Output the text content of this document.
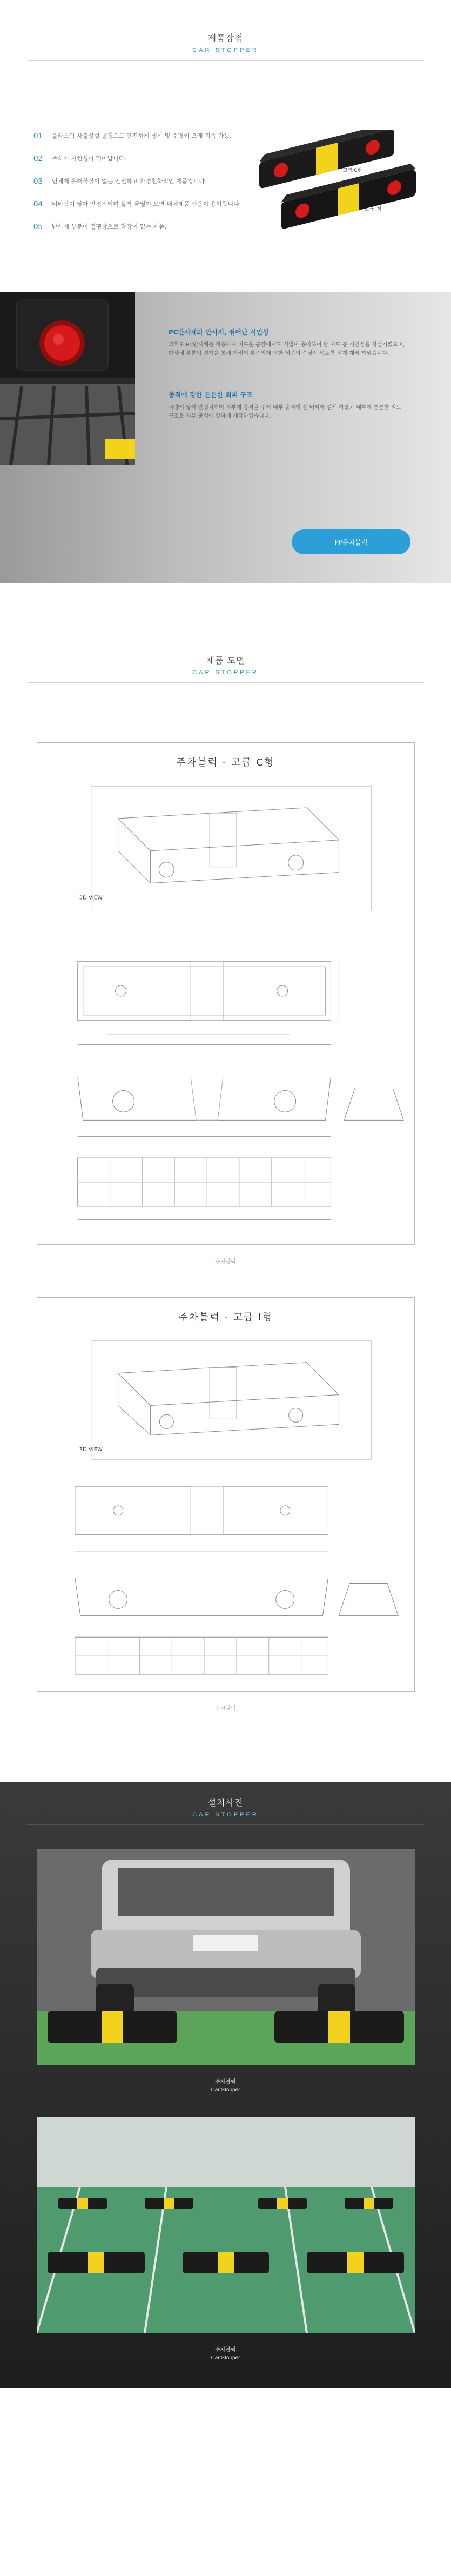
제품장점
CAR STOPPER
01	플라스틱 사출성형 공정으로 안전하게 생산 및 수명이 오래 지속 가능.
02	주차시 시인성이 뛰어납니다.
03	인체에 유해물질이 없는 안전하고 환경친화적인 제품입니다.
04	비바람이 닿아 안정적이며 살짝 균열이 오면 대체제품 사용이 용이합니다.
05	반사에 부분이 열팽창으로 확장이 없는 제품.
고급 C형
고급 I형
PC반사체와 반사지, 뛰어난 시인성
고휘도 PC반사체를 적용하여 어두운 공간에서도 식별이 용이하며 밤 야도 등 시인성을 향상시켰으며, 반사체 부분의 결착을 통해 가정의 부주의에 의한 제품의 손상이 없도록 설계 제작 하였습니다.
충격에 강한 튼튼한 외피 구조
차량이 닿아 안정적이며 외부에 충격을 주어 내부 충격에 잘 버티게 설계 하였고 내부에 튼튼한 리브 구조로 외부 충격에 강하게 제작하였습니다.
PP주차블럭
제품 도면
CAR STOPPER
주차블럭 - 고급 C형
3D VIEW
주차블럭
주차블럭 - 고급 I형
3D VIEW
주차블럭
설치사진
CAR STOPPER
주차블럭
Car Stopper
주차블럭
Car Stopper
